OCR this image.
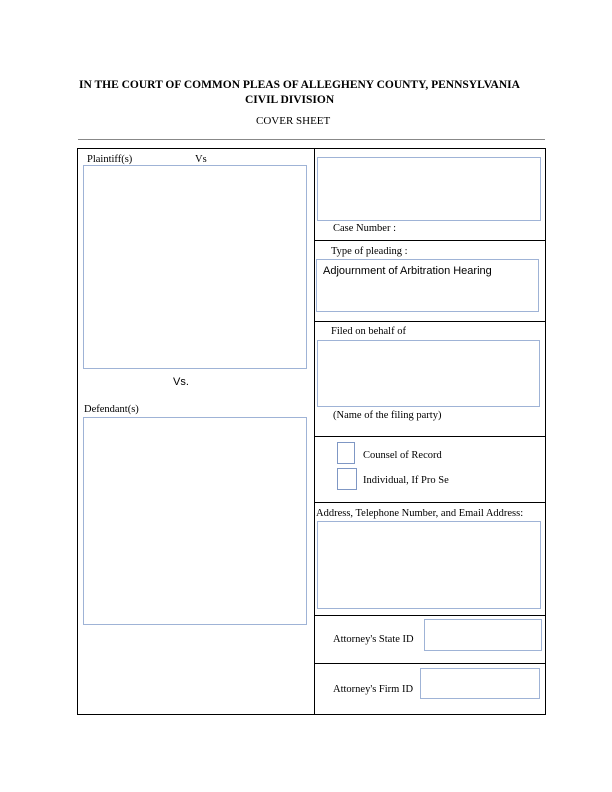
IN THE COURT OF COMMON PLEAS OF ALLEGHENY COUNTY, PENNSYLVANIA
CIVIL DIVISION
COVER SHEET
Plaintiff(s)	Vs
Vs.
Defendant(s)
Case Number :
Type of pleading :
Adjournment of Arbitration Hearing
Filed on behalf of
(Name of the filing party)
Counsel of Record
Individual, If Pro Se
Address, Telephone Number, and Email Address:
Attorney's State ID
Attorney's Firm ID
